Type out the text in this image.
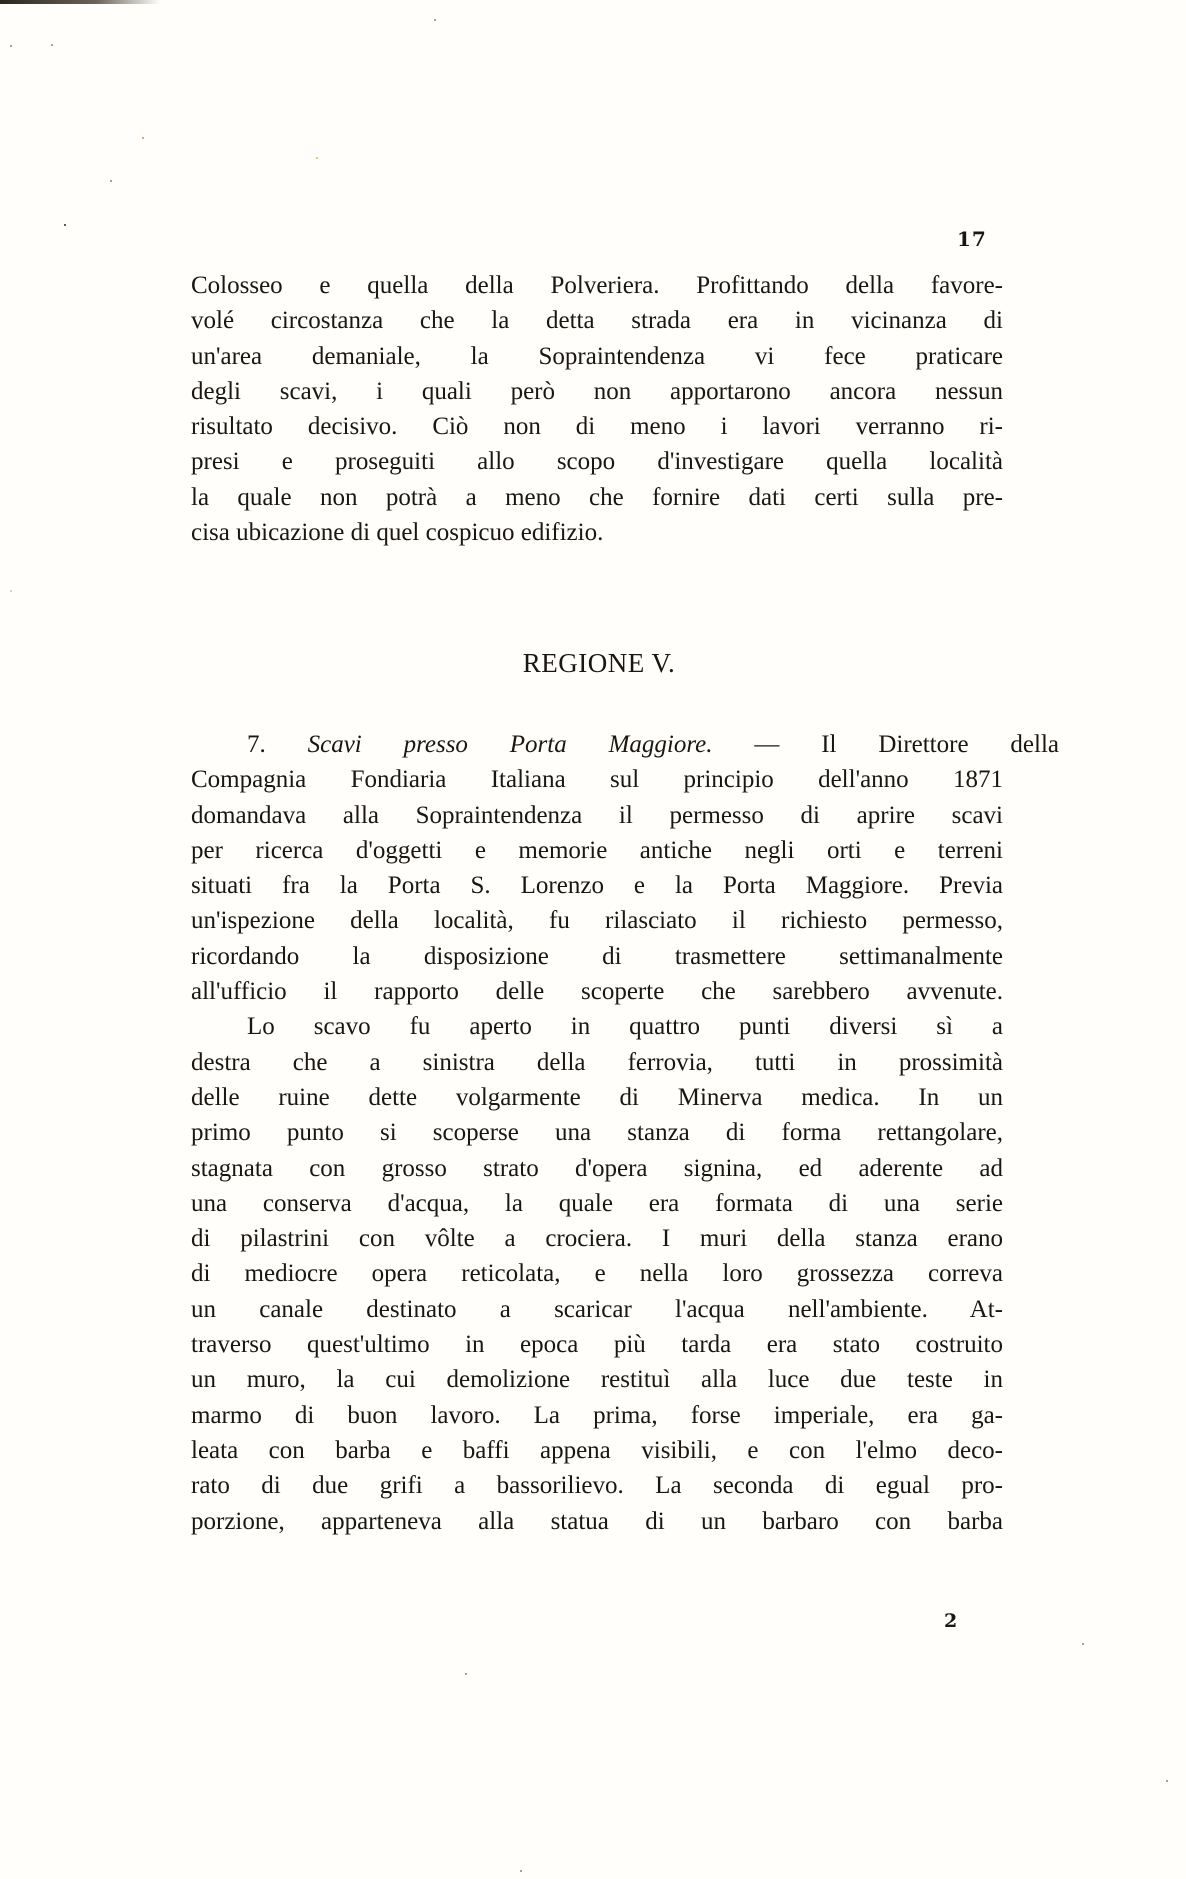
17
Colosseo e quella della Polveriera. Profittando della favore-
volé circostanza che la detta strada era in vicinanza di
un'area demaniale, la Sopraintendenza vi fece praticare
degli scavi, i quali però non apportarono ancora nessun
risultato decisivo. Ciò non di meno i lavori verranno ri-
presi e proseguiti allo scopo d'investigare quella località
la quale non potrà a meno che fornire dati certi sulla pre-
cisa ubicazione di quel cospicuo edifizio.
REGIONE V.
7. Scavi presso Porta Maggiore. — Il Direttore della
Compagnia Fondiaria Italiana sul principio dell'anno 1871
domandava alla Sopraintendenza il permesso di aprire scavi
per ricerca d'oggetti e memorie antiche negli orti e terreni
situati fra la Porta S. Lorenzo e la Porta Maggiore. Previa
un'ispezione della località, fu rilasciato il richiesto permesso,
ricordando la disposizione di trasmettere settimanalmente
all'ufficio il rapporto delle scoperte che sarebbero avvenute.
Lo scavo fu aperto in quattro punti diversi sì a
destra che a sinistra della ferrovia, tutti in prossimità
delle ruine dette volgarmente di Minerva medica. In un
primo punto si scoperse una stanza di forma rettangolare,
stagnata con grosso strato d'opera signina, ed aderente ad
una conserva d'acqua, la quale era formata di una serie
di pilastrini con vôlte a crociera. I muri della stanza erano
di mediocre opera reticolata, e nella loro grossezza correva
un canale destinato a scaricar l'acqua nell'ambiente. At-
traverso quest'ultimo in epoca più tarda era stato costruito
un muro, la cui demolizione restituì alla luce due teste in
marmo di buon lavoro. La prima, forse imperiale, era ga-
leata con barba e baffi appena visibili, e con l'elmo deco-
rato di due grifi a bassorilievo. La seconda di egual pro-
porzione, apparteneva alla statua di un barbaro con barba
2
